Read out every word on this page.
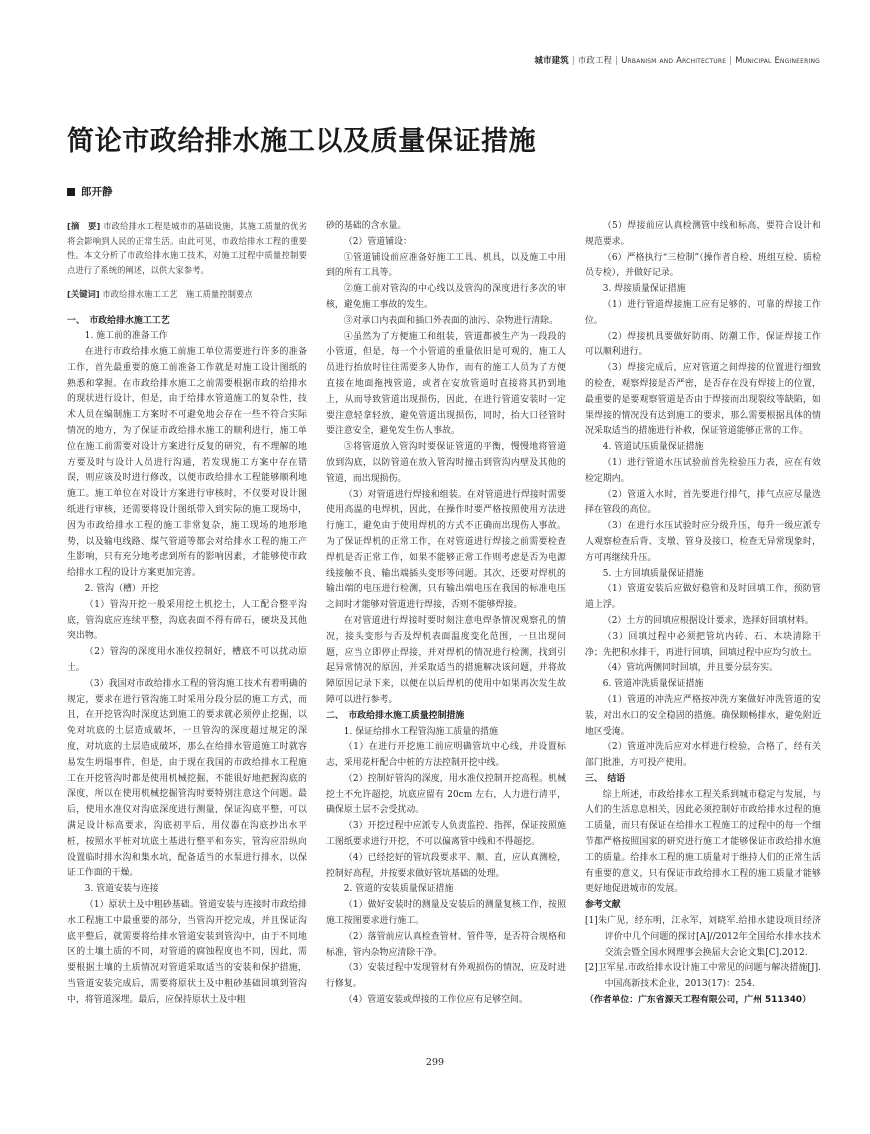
城市建筑 | 市政工程 | Urbanism and Architecture | Municipal Engineering
简论市政给排水施工以及质量保证措施
郎开静

[摘　要] 市政给排水工程是城市的基础设施，其施工质量的优劣将会影响到人民的正常生活。由此可见，市政给排水工程的重要性。本文分析了市政给排水施工技术，对施工过程中质量控制要点进行了系统的阐述，以供大家参考。

[关键词] 市政给排水施工工艺　施工质量控制要点

一、　市政给排水施工工艺

1. 施工前的准备工作

在进行市政给排水施工前施工单位需要进行许多的准备工作，首先最重要的施工前准备工作就是对施工设计图纸的熟悉和掌握。在市政给排水施工之前需要根据市政的给排水的现状进行设计，但是，由于给排水管道施工的复杂性，技术人员在编制施工方案时不可避免地会存在一些不符合实际情况的地方，为了保证市政给排水施工的顺利进行，施工单位在施工前需要对设计方案进行反复的研究，有不理解的地方要及时与设计人员进行沟通，若发现施工方案中存在错误，则应该及时进行修改，以便市政给排水工程能够顺利地施工。施工单位在对设计方案进行审核时，不仅要对设计图纸进行审核，还需要将设计图纸带入到实际的施工现场中，因为市政给排水工程的施工非常复杂，施工现场的地形地势，以及输电线路、煤气管道等都会对给排水工程的施工产生影响，只有充分地考虑到所有的影响因素，才能够使市政给排水工程的设计方案更加完善。

2. 管沟（槽）开挖

（1）管沟开挖一般采用挖土机挖土，人工配合整平沟底，管沟底应连续平整，沟底表面不得有碎石，硬块及其他突出物。

（2）管沟的深度用水准仪控制好，槽底不可以扰动原土。

（3）我国对市政给排水工程的管沟施工技术有着明确的规定，要求在进行管沟施工时采用分段分层的施工方式，而且，在开挖管沟时深度达到施工的要求就必须停止挖掘，以免对坑底的土层造成破坏，一旦管沟的深度超过规定的深度，对坑底的土层造成破坏，那么在给排水管道施工时就容易发生坍塌事件，但是，由于现在我国的市政给排水工程施工在开挖管沟时都是使用机械挖掘，不能很好地把握沟底的深度，所以在使用机械挖掘管沟时要特别注意这个问题。最后，使用水准仪对沟底深度进行测量，保证沟底平整，可以满足设计标高要求，沟底初平后，用仪器在沟底抄出水平桩，按照水平桩对坑底土基进行整平和夯实，管沟应沿纵向设置临时排水沟和集水坑，配备适当的水泵进行排水，以保证工作面的干燥。

3. 管道安装与连接

（1）原状土及中粗砂基础。管道安装与连接时市政给排水工程施工中最重要的部分，当管沟开挖完成，并且保证沟底平整后，就需要将给排水管道安装到管沟中，由于不同地区的土壤土质的不同，对管道的腐蚀程度也不同，因此，需要根据土壤的土质情况对管道采取适当的安装和保护措施，当管道安装完成后，需要将原状土及中粗砂基础回填到管沟中，将管道深埋。最后，应保持原状土及中粗

砂的基础的含水量。

（2）管道铺设：

①管道铺设前应准备好施工工具、机具，以及施工中用到的所有工具等。

②施工前对管沟的中心线以及管沟的深度进行多次的审核，避免施工事故的发生。

③对承口内表面和插口外表面的油污、杂物进行清除。

④虽然为了方便施工和组装，管道都被生产为一段段的小管道，但是，每一个小管道的重量依旧是可观的，施工人员进行抬放时往往需要多人协作，而有的施工人员为了方便直接在地面拖拽管道，或者在安放管道时直接将其扔到地上，从而导致管道出现损伤，因此，在进行管道安装时一定要注意轻拿轻放，避免管道出现损伤，同时，抬大口径管时要注意安全，避免发生伤人事故。

⑤将管道放入管沟时要保证管道的平衡，慢慢地将管道放到沟底，以防管道在放入管沟时撞击到管沟内壁及其他的管道，而出现损伤。

（3）对管道进行焊接和组装。在对管道进行焊接时需要使用高温的电焊机，因此，在操作时要严格按照使用方法进行施工，避免由于使用焊机的方式不正确而出现伤人事故。为了保证焊机的正常工作，在对管道进行焊接之前需要检查焊机是否正常工作，如果不能够正常工作则考虑是否为电源线接触不良、输出端插头变形等问题。其次，还要对焊机的输出端的电压进行检测，只有输出端电压在我国的标准电压之间时才能够对管道进行焊接，否则不能够焊接。

在对管道进行焊接时要时刻注意电焊条情况观察孔的情况，接头变形与否及焊机表面温度变化范围，一旦出现问题，应当立即停止焊接，并对焊机的情况进行检测，找到引起异常情况的原因，并采取适当的措施解决该问题，并将故障原因记录下来，以便在以后焊机的使用中如果再次发生故障可以进行参考。

二、　市政给排水施工质量控制措施

1. 保证给排水工程管沟施工质量的措施

（1）在进行开挖施工前应明确管坑中心线，并设置标志，采用花杆配合中桩的方法控制开挖中线。

（2）控制好管沟的深度，用水准仪控制开挖高程。机械挖土不允许超挖，坑底应留有 20cm 左右，人力进行清平，确保原土层不会受扰动。

（3）开挖过程中应派专人负责监控、指挥，保证按照施工图纸要求进行开挖，不可以偏离管中线和不得超挖。

（4）已经挖好的管坑段要求平、顺、直，应认真测检，控制好高程，并按要求做好管坑基础的处理。

2. 管道的安装质量保证措施

（1）做好安装时的测量及安装后的测量复核工作，按照施工按图要求进行施工。

（2）落管前应认真检查管材、管件等，是否符合规格和标准，管内杂物应清除干净。

（3）安装过程中发现管材有外观损伤的情况，应及时进行修复。

（4）管道安装或焊接的工作位应有足够空间。

（5）焊接前应认真检测管中线和标高，要符合设计和规范要求。

（6）严格执行“三检制”（操作者自检、班组互检、质检员专检），并做好记录。

3. 焊接质量保证措施

（1）进行管道焊接施工应有足够的、可靠的焊接工作位。

（2）焊接机具要做好防雨、防潮工作，保证焊接工作可以顺利进行。

（3）焊接完成后，应对管道之间焊接的位置进行细致的检查，观察焊接是否严密，是否存在没有焊接上的位置，最重要的是要观察管道是否由于焊接而出现裂纹等缺陷，如果焊接的情况没有达到施工的要求，那么需要根据具体的情况采取适当的措施进行补救，保证管道能够正常的工作。

4. 管道试压质量保证措施

（1）进行管道水压试验前首先检验压力表，应在有效检定期内。

（2）管道入水时，首先要进行排气，排气点应尽量选择在管段的高位。

（3）在进行水压试验时应分级升压，每升一级应派专人观察检查后背、支墩、管身及接口，检查无异常现象时，方可再继续升压。

5. 土方回填质量保证措施

（1）管道安装后应做好稳管和及时回填工作，预防管道上浮。

（2）土方的回填应根据设计要求，选择好回填材料。

（3）回填过程中必须把管坑内砖、石、木块清除干净；先把积水排干，再进行回填，回填过程中应均匀放土。

（4）管坑两侧同时回填，并且要分层夯实。

6. 管道冲洗质量保证措施

（1）管道的冲洗应严格按冲洗方案做好冲洗管道的安装，对出水口的安全稳固的措施。确保顺畅排水，避免附近地区受淹。

（2）管道冲洗后应对水样进行检验，合格了，经有关部门批准，方可投产使用。

三、　结语

综上所述，市政给排水工程关系到城市稳定与发展，与人们的生活息息相关，因此必须控制好市政给排水过程的施工质量，而只有保证在给排水工程施工的过程中的每一个细节都严格按照国家的研究进行施工才能够保证市政给排水施工的质量。给排水工程的施工质量对于维持人们的正常生活有重要的意义，只有保证市政给排水工程的施工质量才能够更好地促进城市的发展。

参考文献

[1]朱广见，经东明，江永军，刘晓军.给排水建设项目经济评价中几个问题的探讨[A]//2012年全国给水排水技术交流会暨全国水网理事会换届大会论文集[C].2012.

[2]卫军星.市政给排水设计施工中常见的问题与解决措施[J].中国高新技术企业，2013(17)：254.

（作者单位：广东省源天工程有限公司，广州 511340）

299
